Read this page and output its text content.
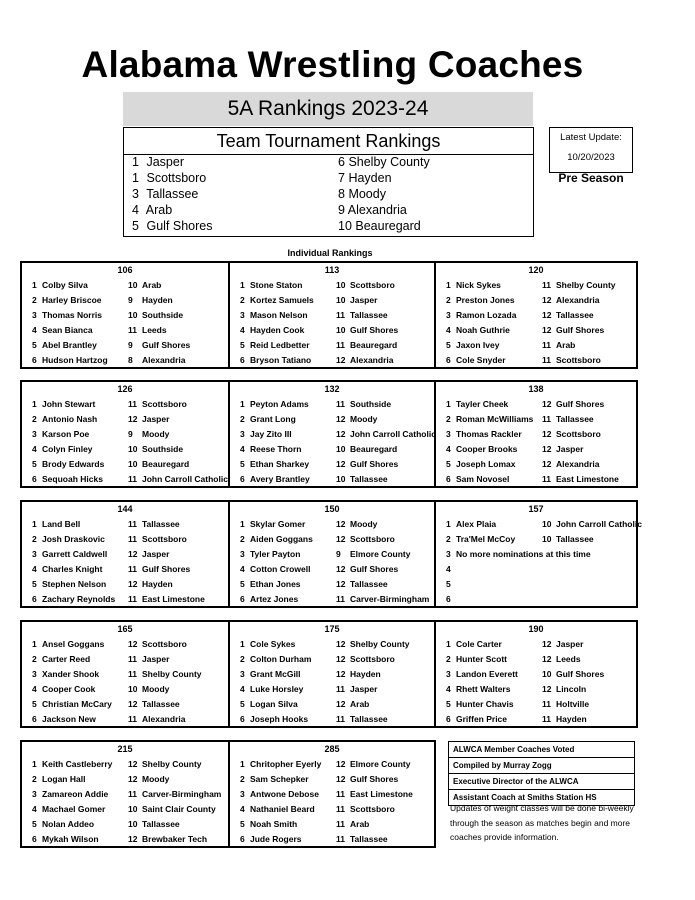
Alabama Wrestling Coaches
5A Rankings 2023-24
Team Tournament Rankings
1 Jasper
1 Scottsboro
3 Tallassee
4 Arab
5 Gulf Shores
6 Shelby County
7 Hayden
8 Moody
9 Alexandria
10 Beauregard
Latest Update:
10/20/2023
Pre Season
Individual Rankings
106
1 Colby Silva	10 Arab
2 Harley Briscoe	9 Hayden
3 Thomas Norris	10 Southside
4 Sean Bianca	11 Leeds
5 Abel Brantley	9 Gulf Shores
6 Hudson Hartzog 8 Alexandria
113
1 Stone Staton	10 Scottsboro
2 Kortez Samuels	10 Jasper
3 Mason Nelson	11 Tallassee
4 Hayden Cook	10 Gulf Shores
5 Reid Ledbetter	11 Beauregard
6 Bryson Tatiano	12 Alexandria
120
1 Nick Sykes	11 Shelby County
2 Preston Jones	12 Alexandria
3 Ramon Lozada	12 Tallassee
4 Noah Guthrie	12 Gulf Shores
5 Jaxon Ivey	11 Arab
6 Cole Snyder	11 Scottsboro
126
1 John Stewart	11 Scottsboro
2 Antonio Nash	12 Jasper
3 Karson Poe	9 Moody
4 Colyn Finley	10 Southside
5 Brody Edwards	10 Beauregard
6 Sequoah Hicks	11 John Carroll Catholic
132
1 Peyton Adams	11 Southside
2 Grant Long	12 Moody
3 Jay Zito III	12 John Carroll Catholic
4 Reese Thorn	10 Beauregard
5 Ethan Sharkey	12 Gulf Shores
6 Avery Brantley	10 Tallassee
138
1 Tayler Cheek	12 Gulf Shores
2 Roman McWilliams 11 Tallassee
3 Thomas Rackler 12 Scottsboro
4 Cooper Brooks	12 Jasper
5 Joseph Lomax	12 Alexandria
6 Sam Novosel	11 East Limestone
144
1 Land Bell	11 Tallassee
2 Josh Draskovic	11 Scottsboro
3 Garrett Caldwell 12 Jasper
4 Charles Knight	11 Gulf Shores
5 Stephen Nelson	12 Hayden
6 Zachary Reynolds 11 East Limestone
150
1 Skylar Gomer	12 Moody
2 Aiden Goggans	12 Scottsboro
3 Tyler Payton	9 Elmore County
4 Cotton Crowell	12 Gulf Shores
5 Ethan Jones	12 Tallassee
6 Artez Jones	11 Carver-Birmingham
157
1 Alex Plaia	10 John Carroll Catholic
2 Tra'Mel McCoy	10 Tallassee
3 No more nominations at this time
4
5
6
165
1 Ansel Goggans	12 Scottsboro
2 Carter Reed	11 Jasper
3 Xander Shook	11 Shelby County
4 Cooper Cook	10 Moody
5 Christian McCary 12 Tallassee
6 Jackson New	11 Alexandria
175
1 Cole Sykes	12 Shelby County
2 Colton Durham	12 Scottsboro
3 Grant McGill	12 Hayden
4 Luke Horsley	11 Jasper
5 Logan Silva	12 Arab
6 Joseph Hooks	11 Tallassee
190
1 Cole Carter	12 Jasper
2 Hunter Scott	12 Leeds
3 Landon Everett	10 Gulf Shores
4 Rhett Walters	12 Lincoln
5 Hunter Chavis	11 Holtville
6 Griffen Price	11 Hayden
215
1 Keith Castleberry 12 Shelby County
2 Logan Hall	12 Moody
3 Zamareon Addie 11 Carver-Birmingham
4 Machael Gomer	10 Saint Clair County
5 Nolan Addeo	10 Tallassee
6 Mykah Wilson	12 Brewbaker Tech
285
1 Chritopher Eyerly 12 Elmore County
2 Sam Schepker	12 Gulf Shores
3 Antwone Debose 11 East Limestone
4 Nathaniel Beard	11 Scottsboro
5 Noah Smith	11 Arab
6 Jude Rogers	11 Tallassee
ALWCA Member Coaches Voted
Compiled by Murray Zogg
Executive Director of the ALWCA
Assistant Coach at Smiths Station HS
Updates of weight classes will be done bi-weekly
through the season as matches begin and more
coaches provide information.
